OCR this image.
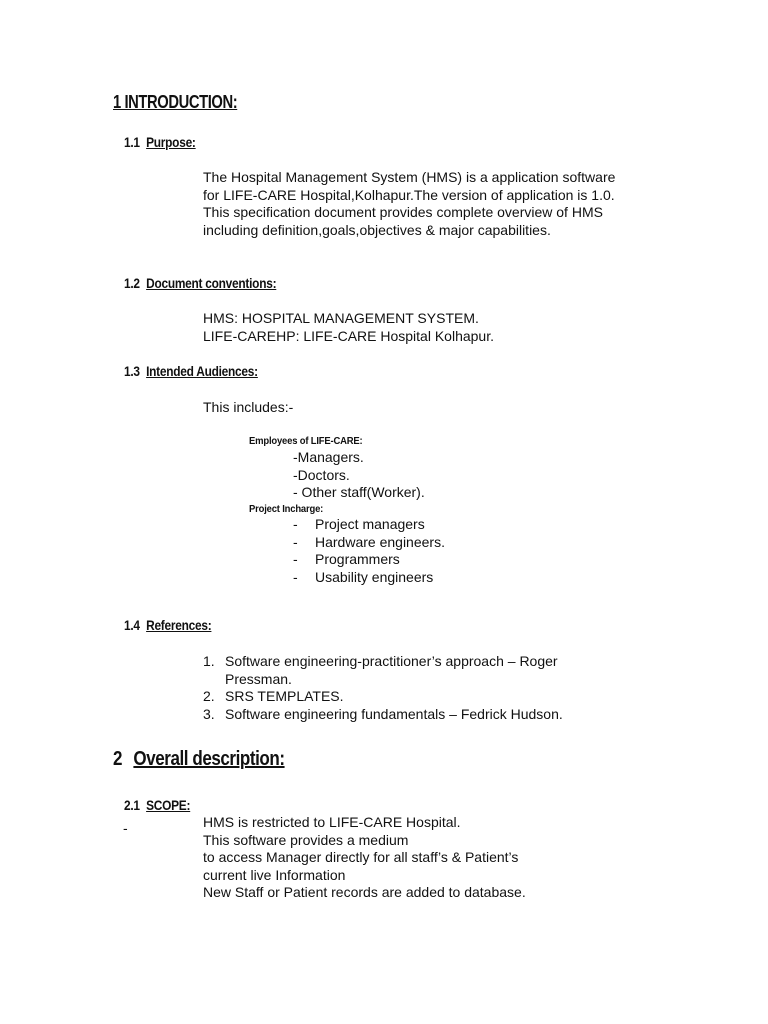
1 INTRODUCTION:
1.1 Purpose:
The Hospital Management System (HMS) is a application software
for LIFE-CARE Hospital,Kolhapur.The version of application is 1.0.
This specification document provides complete overview of HMS
including definition,goals,objectives & major capabilities.
1.2 Document conventions:
HMS: HOSPITAL MANAGEMENT SYSTEM.
LIFE-CAREHP: LIFE-CARE Hospital Kolhapur.
1.3 Intended Audiences:
This includes:-
Employees of LIFE-CARE:
-Managers.
-Doctors.
- Other staff(Worker).
Project Incharge:
- Project managers
- Hardware engineers.
- Programmers
- Usability engineers
1.4 References:
1. Software engineering-practitioner’s approach – Roger
Pressman.
2. SRS TEMPLATES.
3. Software engineering fundamentals – Fedrick Hudson.
2 Overall description:
2.1 SCOPE:
-	HMS is restricted to LIFE-CARE Hospital.
This software provides a medium
to access Manager directly for all staff’s & Patient’s
current live Information
New Staff or Patient records are added to database.
